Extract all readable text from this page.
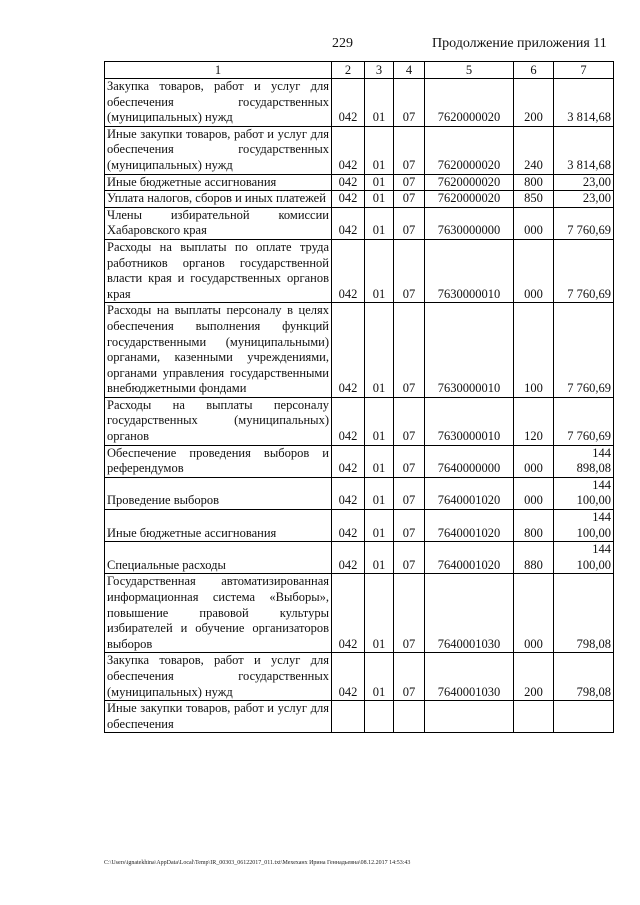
229	Продолжение приложения 11
1	2	3	4	5	6	7
Закупка товаров, работ и услуг для обеспечения государственных (муниципальных) нужд	042	01	07	7620000020	200	3 814,68
Иные закупки товаров, работ и услуг для обеспечения государственных (муниципальных) нужд	042	01	07	7620000020	240	3 814,68
Иные бюджетные ассигнования	042	01	07	7620000020	800	23,00
Уплата налогов, сборов и иных платежей	042	01	07	7620000020	850	23,00
Члены избирательной комиссии Хабаровского края	042	01	07	7630000000	000	7 760,69
Расходы на выплаты по оплате труда работников органов государственной власти края и государственных органов края	042	01	07	7630000010	000	7 760,69
Расходы на выплаты персоналу в целях обеспечения выполнения функций государственными (муниципальными) органами, казенными учреждениями, органами управления государственными внебюджетными фондами	042	01	07	7630000010	100	7 760,69
Расходы на выплаты персоналу государственных (муниципальных) органов	042	01	07	7630000010	120	7 760,69
Обеспечение проведения выборов и референдумов	042	01	07	7640000000	000	144 898,08
Проведение выборов	042	01	07	7640001020	000	144 100,00
Иные бюджетные ассигнования	042	01	07	7640001020	800	144 100,00
Специальные расходы	042	01	07	7640001020	880	144 100,00
Государственная автоматизированная информационная система «Выборы», повышение правовой культуры избирателей и обучение организаторов выборов	042	01	07	7640001030	000	798,08
Закупка товаров, работ и услуг для обеспечения государственных (муниципальных) нужд	042	01	07	7640001030	200	798,08
Иные закупки товаров, работ и услуг для обеспечения						
C:\Users\ignatekhina\AppData\Local\Temp\IR_00303_06122017_011.txt\Мехеханх Ирина Геннадьевна\08.12.2017 14:53:43
